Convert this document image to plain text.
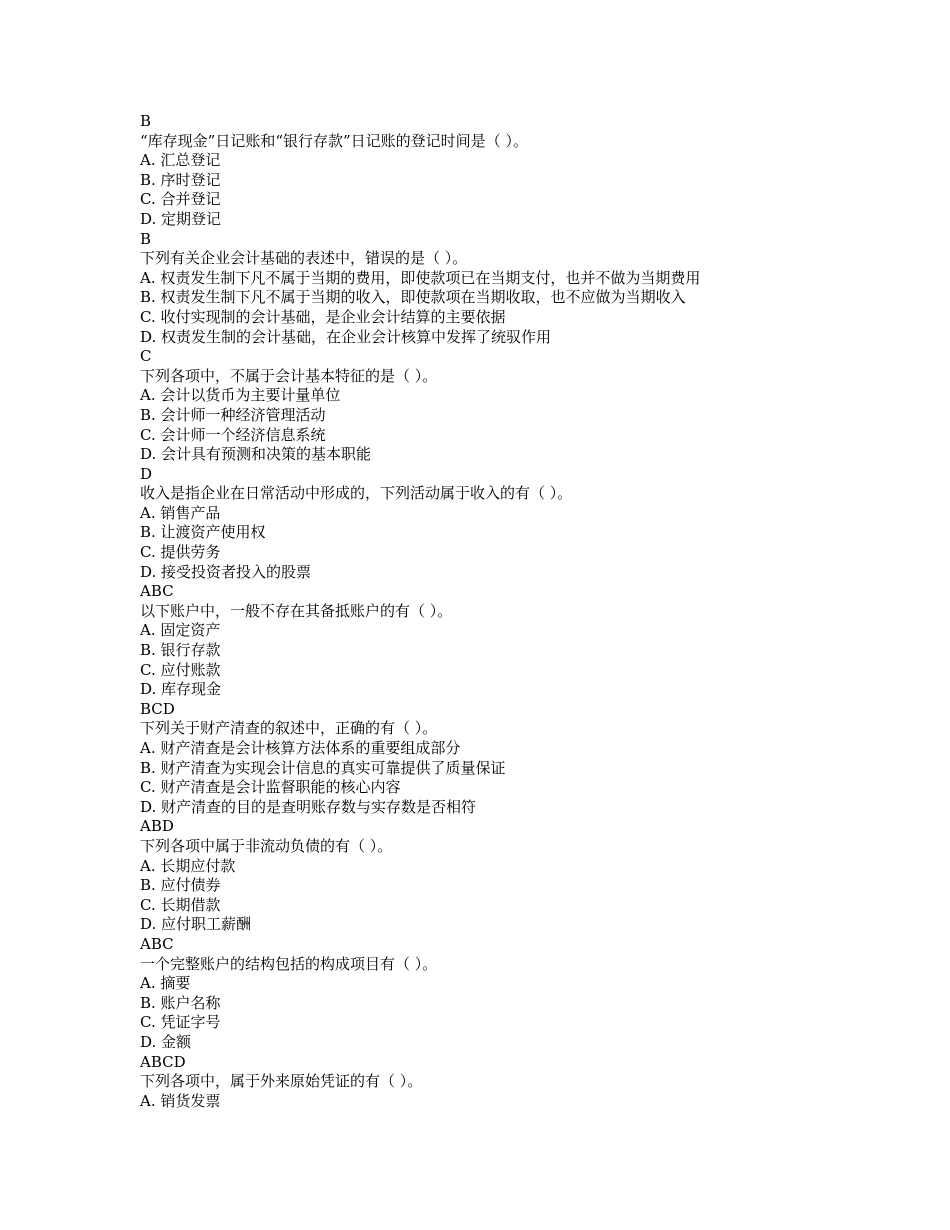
B

“库存现金”日记账和“银行存款”日记账的登记时间是（ ）。

A. 汇总登记

B. 序时登记

C. 合并登记

D. 定期登记

B

下列有关企业会计基础的表述中，错误的是（ ）。

A. 权责发生制下凡不属于当期的费用，即使款项已在当期支付，也并不做为当期费用

B. 权责发生制下凡不属于当期的收入，即使款项在当期收取，也不应做为当期收入

C. 收付实现制的会计基础，是企业会计结算的主要依据

D. 权责发生制的会计基础，在企业会计核算中发挥了统驭作用

C

下列各项中，不属于会计基本特征的是（ ）。

A. 会计以货币为主要计量单位

B. 会计师一种经济管理活动

C. 会计师一个经济信息系统

D. 会计具有预测和决策的基本职能

D

收入是指企业在日常活动中形成的，下列活动属于收入的有（ ）。

A. 销售产品

B. 让渡资产使用权

C. 提供劳务

D. 接受投资者投入的股票

ABC

以下账户中，一般不存在其备抵账户的有（ ）。

A. 固定资产

B. 银行存款

C. 应付账款

D. 库存现金

BCD

下列关于财产清查的叙述中，正确的有（ ）。

A. 财产清查是会计核算方法体系的重要组成部分

B. 财产清查为实现会计信息的真实可靠提供了质量保证

C. 财产清查是会计监督职能的核心内容

D. 财产清查的目的是查明账存数与实存数是否相符

ABD

下列各项中属于非流动负债的有（ ）。

A. 长期应付款

B. 应付债券

C. 长期借款

D. 应付职工薪酬

ABC

一个完整账户的结构包括的构成项目有（ ）。

A. 摘要

B. 账户名称

C. 凭证字号

D. 金额

ABCD

下列各项中，属于外来原始凭证的有（ ）。

A. 销货发票
